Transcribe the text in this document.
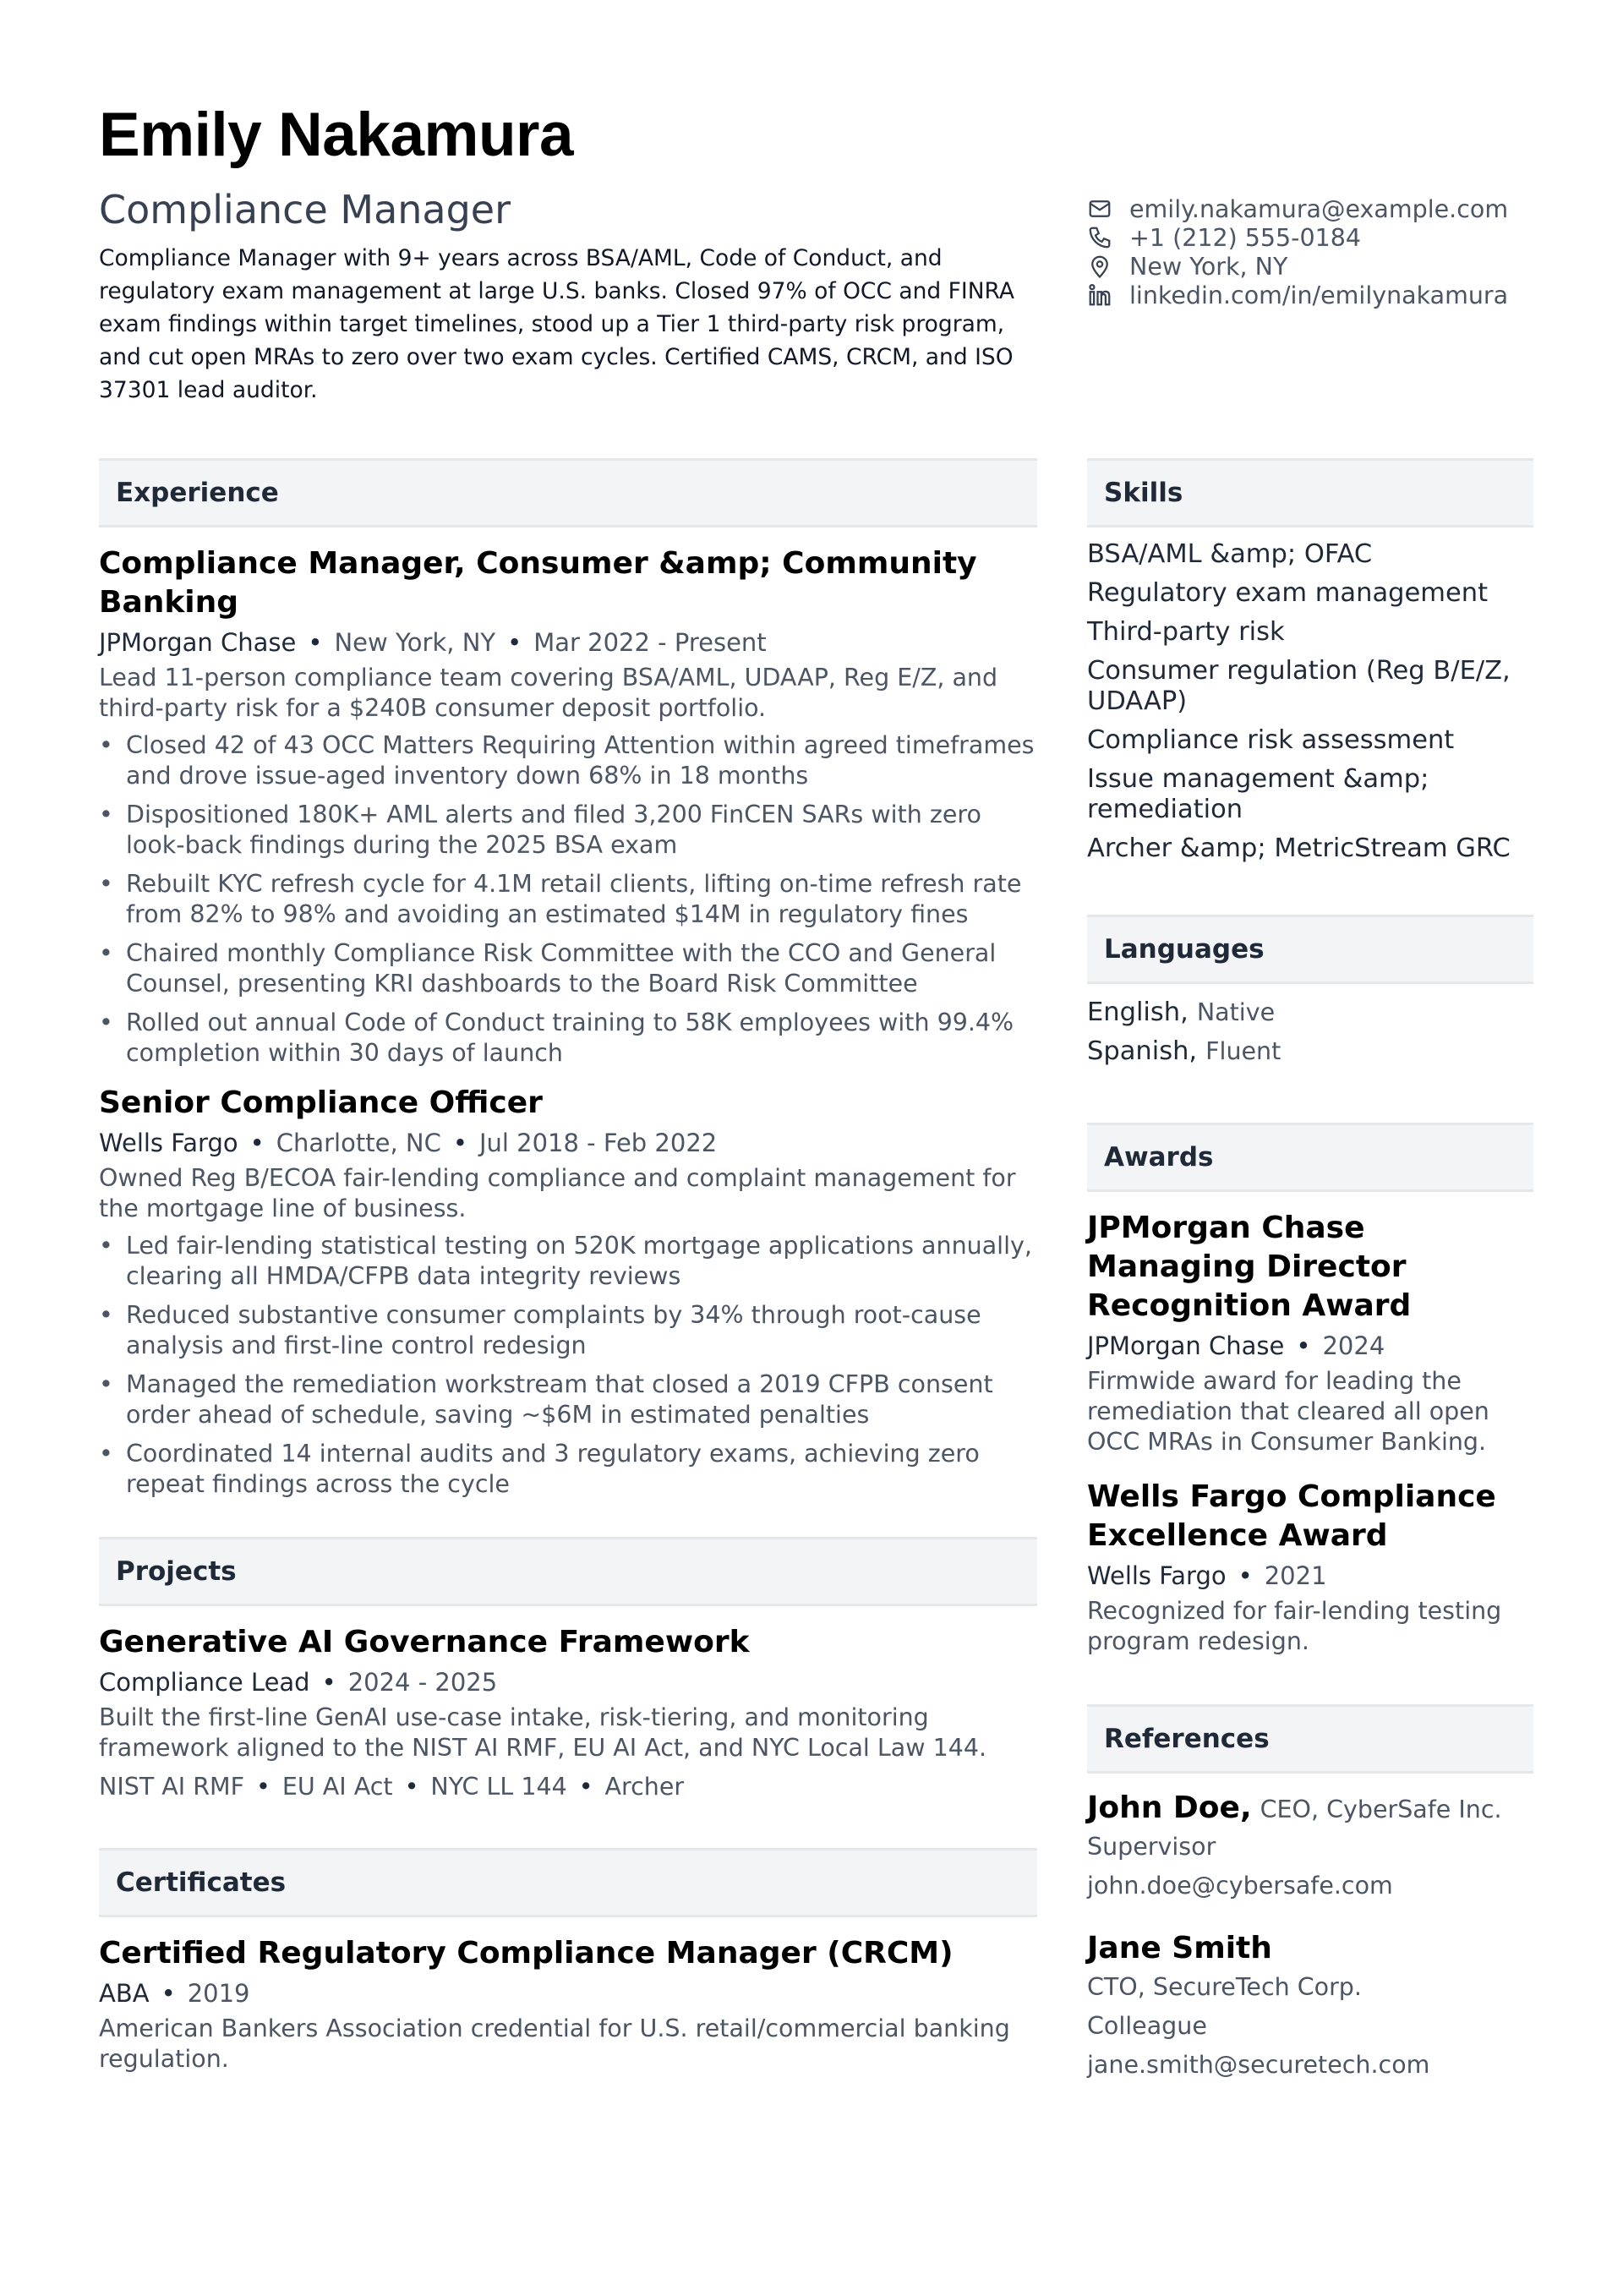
Emily Nakamura
Compliance Manager
Compliance Manager with 9+ years across BSA/AML, Code of Conduct, and regulatory exam management at large U.S. banks. Closed 97% of OCC and FINRA exam findings within target timelines, stood up a Tier 1 third-party risk program, and cut open MRAs to zero over two exam cycles. Certified CAMS, CRCM, and ISO 37301 lead auditor.
emily.nakamura@example.com
+1 (212) 555-0184
New York, NY
linkedin.com/in/emilynakamura
Experience
Compliance Manager, Consumer &amp; Community Banking
JPMorgan Chase • New York, NY • Mar 2022 - Present
Lead 11-person compliance team covering BSA/AML, UDAAP, Reg E/Z, and third-party risk for a $240B consumer deposit portfolio.
• Closed 42 of 43 OCC Matters Requiring Attention within agreed timeframes and drove issue-aged inventory down 68% in 18 months
• Dispositioned 180K+ AML alerts and filed 3,200 FinCEN SARs with zero look-back findings during the 2025 BSA exam
• Rebuilt KYC refresh cycle for 4.1M retail clients, lifting on-time refresh rate from 82% to 98% and avoiding an estimated $14M in regulatory fines
• Chaired monthly Compliance Risk Committee with the CCO and General Counsel, presenting KRI dashboards to the Board Risk Committee
• Rolled out annual Code of Conduct training to 58K employees with 99.4% completion within 30 days of launch
Senior Compliance Officer
Wells Fargo • Charlotte, NC • Jul 2018 - Feb 2022
Owned Reg B/ECOA fair-lending compliance and complaint management for the mortgage line of business.
• Led fair-lending statistical testing on 520K mortgage applications annually, clearing all HMDA/CFPB data integrity reviews
• Reduced substantive consumer complaints by 34% through root-cause analysis and first-line control redesign
• Managed the remediation workstream that closed a 2019 CFPB consent order ahead of schedule, saving ~$6M in estimated penalties
• Coordinated 14 internal audits and 3 regulatory exams, achieving zero repeat findings across the cycle
Projects
Generative AI Governance Framework
Compliance Lead • 2024 - 2025
Built the first-line GenAI use-case intake, risk-tiering, and monitoring framework aligned to the NIST AI RMF, EU AI Act, and NYC Local Law 144.
NIST AI RMF • EU AI Act • NYC LL 144 • Archer
Certificates
Certified Regulatory Compliance Manager (CRCM)
ABA • 2019
American Bankers Association credential for U.S. retail/commercial banking regulation.
Skills
BSA/AML &amp; OFAC
Regulatory exam management
Third-party risk
Consumer regulation (Reg B/E/Z, UDAAP)
Compliance risk assessment
Issue management &amp; remediation
Archer &amp; MetricStream GRC
Languages
English, Native
Spanish, Fluent
Awards
JPMorgan Chase Managing Director Recognition Award
JPMorgan Chase • 2024
Firmwide award for leading the remediation that cleared all open OCC MRAs in Consumer Banking.
Wells Fargo Compliance Excellence Award
Wells Fargo • 2021
Recognized for fair-lending testing program redesign.
References
John Doe, CEO, CyberSafe Inc.
Supervisor
john.doe@cybersafe.com
Jane Smith
CTO, SecureTech Corp.
Colleague
jane.smith@securetech.com
